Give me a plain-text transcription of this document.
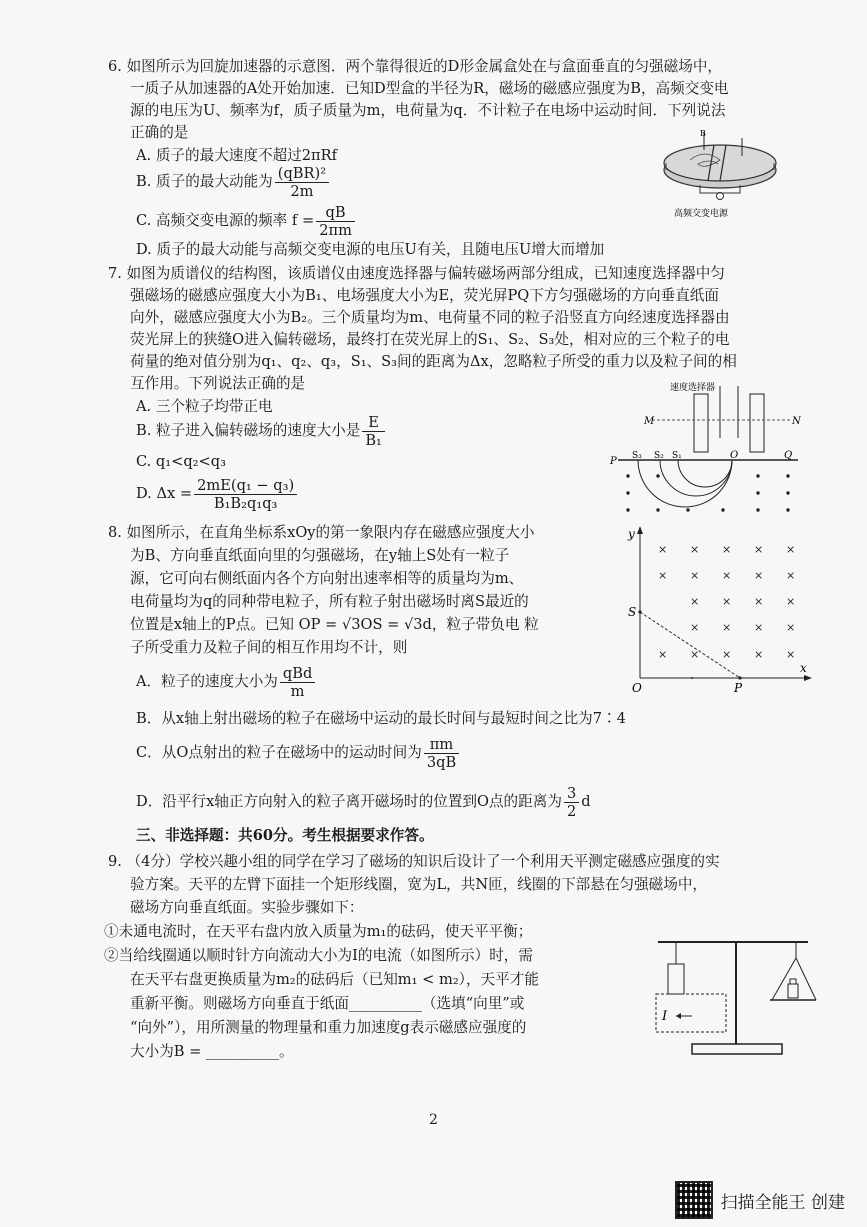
6. 如图所示为回旋加速器的示意图．两个靠得很近的D形金属盒处在与盒面垂直的匀强磁场中，
一质子从加速器的A处开始加速．已知D型盒的半径为R，磁场的磁感应强度为B，高频交变电
源的电压为U、频率为f，质子质量为m，电荷量为q．不计粒子在电场中运动时间．下列说法
正确的是
A. 质子的最大速度不超过2πRf
B. 质子的最大动能为 $\frac{\text{(qBR)²}}{2m}$
C. 高频交变电源的频率 $f = \frac{qB}{2\pi m}$
D. 质子的最大动能与高频交变电源的电压U有关，且随电压U增大而增加
B
高频交变电源
7. 如图为质谱仪的结构图，该质谱仪由速度选择器与偏转磁场两部分组成，已知速度选择器中匀
强磁场的磁感应强度大小为B₁、电场强度大小为E，荧光屏PQ下方匀强磁场的方向垂直纸面
向外，磁感应强度大小为B₂。三个质量均为m、电荷量不同的粒子沿竖直方向经速度选择器由
荧光屏上的狭缝O进入偏转磁场，最终打在荧光屏上的S₁、S₂、S₃处，相对应的三个粒子的电
荷量的绝对值分别为q₁、q₂、q₃，S₁、S₃间的距离为Δx，忽略粒子所受的重力以及粒子间的相
互作用。下列说法正确的是
A. 三个粒子均带正电
B. 粒子进入偏转磁场的速度大小是 $\frac{E}{\text{B₁}}$
C. q₁<q₂<q₃
D. $\Delta x = \frac{\text{2mE(q₁ − q₃)}}{\text{B₁B₂q₁q₃}}$
速度选择器
M	N
P
Q
O
S₃ S₂ S₁
8. 如图所示，在直角坐标系xOy的第一象限内存在磁感应强度大小
为B、方向垂直纸面向里的匀强磁场，在y轴上S处有一粒子
源，它可向右侧纸面内各个方向射出速率相等的质量均为m、
电荷量均为q的同种带电粒子，所有粒子射出磁场时离S最近的
位置是x轴上的P点。已知 OP = √3OS = √3d，粒子带负电 粒
子所受重力及粒子间的相互作用均不计，则
A．粒子的速度大小为 $\frac{\text{qBd}}{m}$
B．从x轴上射出磁场的粒子在磁场中运动的最长时间与最短时间之比为7∶4
C．从O点射出的粒子在磁场中的运动时间为 $\frac{\pi m}{3qB}$
D．沿平行x轴正方向射入的粒子离开磁场时的位置到O点的距离为 $\frac{3}{2}$ d
y
x
S
O	P
× × × × ×
× × × × ×
× × × ×
× × × ×
× × × × ×
三、非选择题：共60分。考生根据要求作答。
9. （4分）学校兴趣小组的同学在学习了磁场的知识后设计了一个利用天平测定磁感应强度的实
验方案。天平的左臂下面挂一个矩形线圈，宽为L，共N匝，线圈的下部悬在匀强磁场中，
磁场方向垂直纸面。实验步骤如下：
①未通电流时，在天平右盘内放入质量为m₁的砝码，使天平平衡；
②当给线圈通以顺时针方向流动大小为I的电流（如图所示）时，需
在天平右盘更换质量为m₂的砝码后（已知m₁ < m₂），天平才能
重新平衡。则磁场方向垂直于纸面__________（选填“向里”或
“向外”），用所测量的物理量和重力加速度g表示磁感应强度的
大小为B = __________。
I
2
扫描全能王 创建
